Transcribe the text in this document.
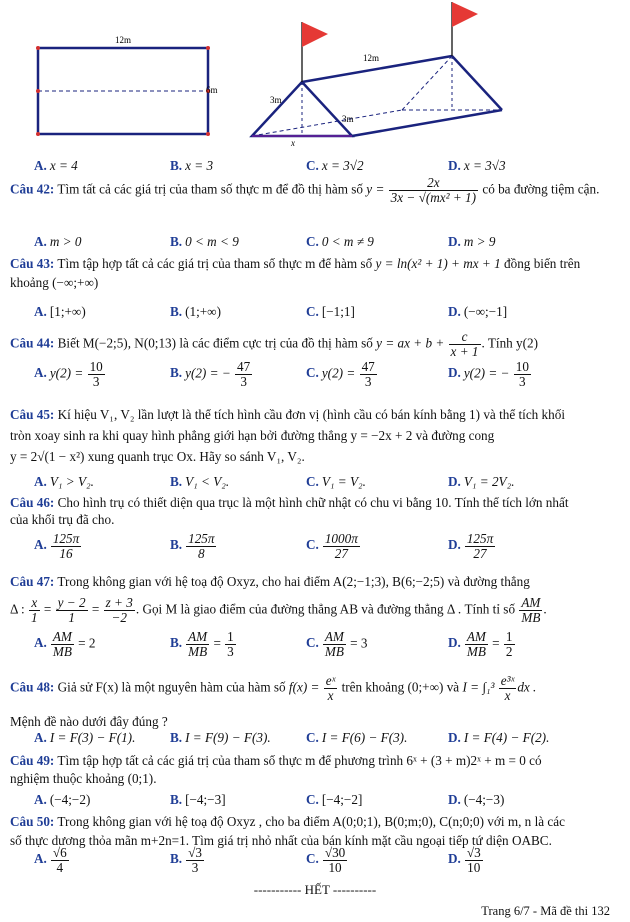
12m
6m
12m
3m
3m
x
A. x = 4	B. x = 3	C. x = 3√2	D. x = 3√3
Câu 42: Tìm tất cả các giá trị của tham số thực m để đồ thị hàm số $y = \frac{2x}{\text{3x − √(mx² + 1)}}$ có ba đường tiệm cận.
A. m > 0	B. 0 < m < 9	C. 0 < m ≠ 9	D. m > 9
Câu 43: Tìm tập hợp tất cả các giá trị của tham số thực m để hàm số y = ln(x² + 1) + mx + 1 đồng biến trên khoảng (−∞;+∞)
A. [1;+∞)	B. (1;+∞)	C. [−1;1]	D. (−∞;−1]
Câu 44: Biết M(−2;5), N(0;13) là các điểm cực trị của đồ thị hàm số y = ax + $b + \frac{c}{x + 1}$ . Tính y(2)
A. $y(2) = \frac{10}{3}$	B. y(2) = − $\frac{47}{3}$	C. $y(2) = \frac{47}{3}$	D. y(2) = − $\frac{10}{3}$
Câu 45: Kí hiệu V₁, V₂ lần lượt là thể tích hình cầu đơn vị (hình cầu có bán kính bằng 1) và thể tích khối
tròn xoay sinh ra khi quay hình phẳng giới hạn bởi đường thẳng y = −2x + 2 và đường cong
y = 2√(1 − x²) xung quanh trục Ox. Hãy so sánh V₁, V₂.
A. V₁ > V₂.	B. V₁ < V₂.	C. V₁ = V₂.	D. V₁ = 2V₂.
Câu 46: Cho hình trụ có thiết diện qua trục là một hình chữ nhật có chu vi bằng 10. Tính thể tích lớn nhất
của khối trụ đã cho.
A. $\frac{125\pi}{16}$	B. $\frac{125\pi}{8}$	C. $\frac{1000\pi}{27}$	D. $\frac{125\pi}{27}$
Câu 47: Trong không gian với hệ toạ độ Oxyz, cho hai điểm A(2;−1;3), B(6;−2;5) và đường thẳng
Δ : $\frac{x}{1} = \frac{y - 2}{1} = \frac{z + 3}{-2}$ . Gọi M là giao điểm của đường thẳng AB và đường thẳng Δ . Tính tỉ số $\frac{AM}{MB}$ .
A. $\frac{AM}{MB} = 2$	B. $\frac{AM}{MB} = \frac{1}{3}$	C. $\frac{AM}{MB} = 3$	D. $\frac{AM}{MB} = \frac{1}{2}$
Câu 48: Giả sử F(x) là một nguyên hàm của hàm số $f(x) = \frac{\text{eˣ}}{x}$ trên khoảng (0;+∞) và $I = \int_1^3 \frac{\text{e³ˣ}}{x}$ dx .
Mệnh đề nào dưới đây đúng ?
A. I = F(3) − F(1).	B. I = F(9) − F(3).	C. I = F(6) − F(3).	D. I = F(4) − F(2).
Câu 49: Tìm tập hợp tất cả các giá trị của tham số thực m để phương trình 6ˣ + (3 + m)2ˣ + m = 0 có
nghiệm thuộc khoảng (0;1).
A. (−4;−2)	B. [−4;−3]	C. [−4;−2]	D. (−4;−3)
Câu 50: Trong không gian với hệ toạ độ Oxyz , cho ba điểm A(0;0;1), B(0;m;0), C(n;0;0) với m, n là các
số thực dương thỏa mãn m+2n=1. Tìm giá trị nhỏ nhất của bán kính mặt cầu ngoại tiếp tứ diện OABC.
A. $\frac{√6}{4}$	B. $\frac{√3}{3}$	C. $\frac{√30}{10}$	D. $\frac{√3}{10}$
----------- HẾT ----------
Trang 6/7 - Mã đề thi 132
